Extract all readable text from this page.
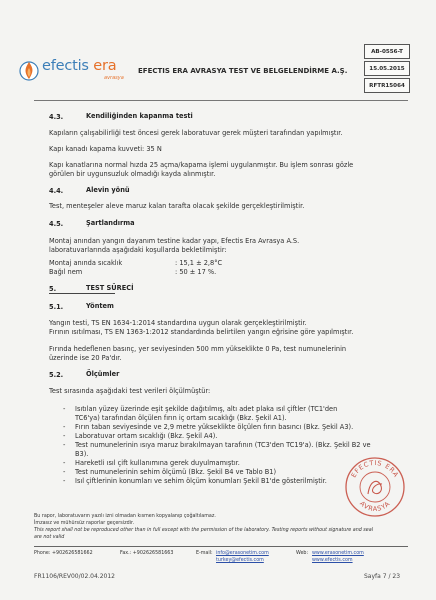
efectis era
avrasya
EFECTIS ERA AVRASYA TEST VE BELGELENDİRME A.Ş.
AB-0556-T
15.05.2015
RFTR15064
4.3.	Kendiliğinden kapanma testi
Kapıların çalışabilirliği test öncesi gerek laboratuvar gerek müşteri tarafından yapılmıştır.
Kapı kanadı kapama kuvveti: 35 N
Kapı kanatlarına normal hızda 25 açma/kapama işlemi uygulanmıştır. Bu işlem sonrası gözle
görülen bir uygunsuzluk olmadığı kayda alınmıştır.
4.4.	Alevin yönü
Test, menteşeler aleve maruz kalan tarafta olacak şekilde gerçekleştirilmiştir.
4.5.	Şartlandırma
Montaj anından yangın dayanım testine kadar yapı, Efectis Era Avrasya A.S.
laboratuvarlarında aşağıdaki koşullarda bekletilmiştir:
Montaj anında sıcaklık	: 15,1 ± 2,8°C
Bağıl nem	: 50 ± 17 %.
5.	TEST SÜRECİ
5.1.	Yöntem
Yangın testi, TS EN 1634-1:2014 standardına uygun olarak gerçekleştirilmiştir.
Fırının ısıtılması, TS EN 1363-1:2012 standardında belirtilen yangın eğrisine göre yapılmıştır.
Fırında hedeflenen basınç, yer seviyesinden 500 mm yükseklikte 0 Pa, test numunelerinin
üzerinde ise 20 Pa'dır.
5.2.	Ölçümler
Test sırasında aşağıdaki test verileri ölçülmüştür:
- Isıtılan yüzey üzerinde eşit şekilde dağıtılmış, altı adet plaka ısıl çiftler (TC1'den
TC6'ya) tarafından ölçülen fırın iç ortam sıcaklığı (Bkz. Şekil A1).
- Fırın taban seviyesinde ve 2,9 metre yükseklikte ölçülen fırın basıncı (Bkz. Şekil A3).
- Laboratuvar ortam sıcaklığı (Bkz. Şekil A4).
- Test numunelerinin ısıya maruz bırakılmayan tarafının (TC3'den TC19'a). (Bkz. Şekil B2 ve
B3).
- Hareketli ısıl çift kullanımına gerek duyulmamıştır.
- Test numunelerinin sehim ölçümü (Bkz. Şekil B4 ve Tablo B1)
- Isıl çiftlerinin konumları ve sehim ölçüm konumları Şekil B1'de gösterilmiştir.
EFECTIS ERA
AVRASYA
Bu rapor, laboratuvarın yazılı izni olmadan kısmen kopyalanıp çoğaltılamaz.
İmzasız ve mühürsüz raporlar geçersizdir.
This report shall not be reproduced other than in full except with the permission of the laboratory. Testing reports without signature and seal
are not valid
Phone: +902626581662	Fax.: +902626581663	E-mail: info@erasonetim.com
turkey@efectis.com
Web: www.erasonetim.com
www.efectis.com
FR1106/REV00/02.04.2012	Sayfa 7 / 23
